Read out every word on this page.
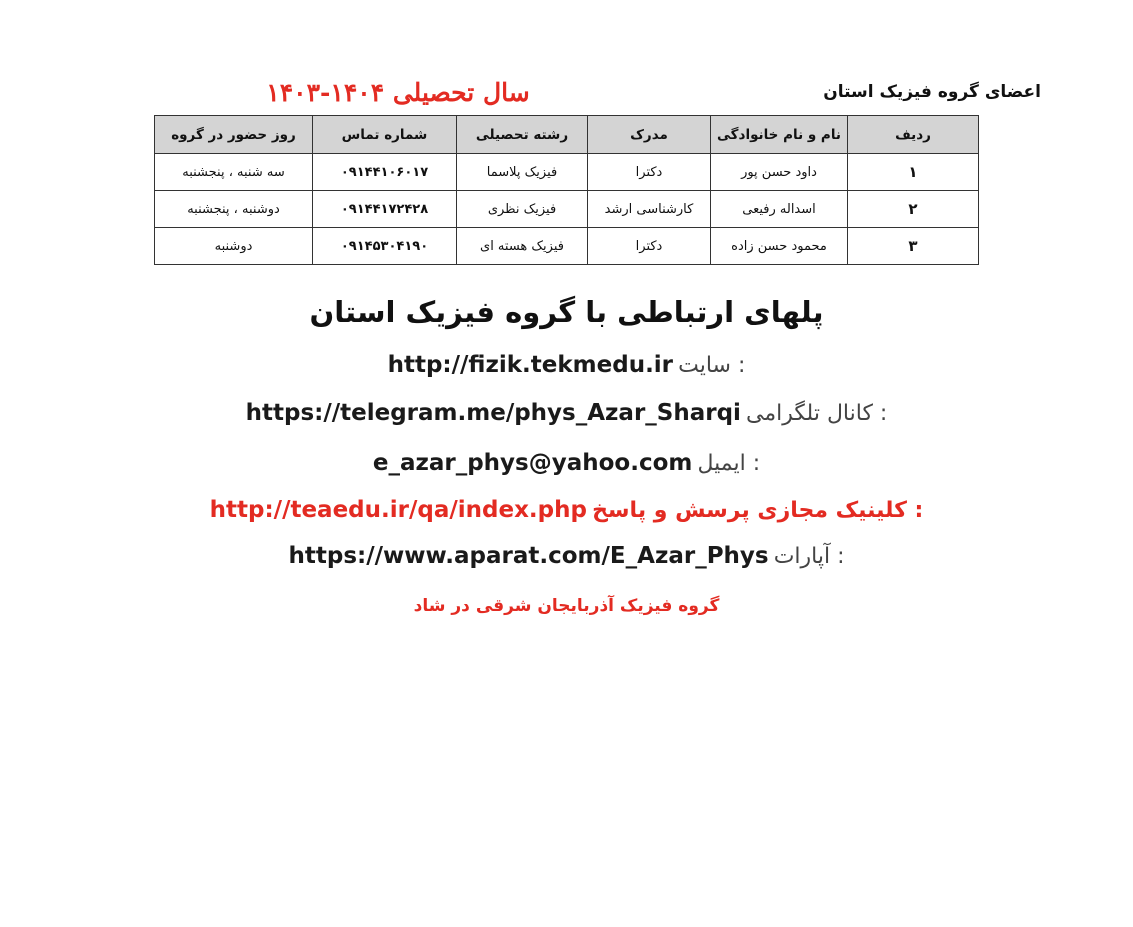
سال تحصیلی ۱۴۰۴-۱۴۰۳	اعضای گروه فیزیک استان
ردیف	نام و نام خانوادگی	مدرک	رشته تحصیلی	شماره تماس	روز حضور در گروه
۱	داود حسن پور	دکترا	فیزیک پلاسما	۰۹۱۴۴۱۰۶۰۱۷	سه شنبه ، پنجشنبه
۲	اسداله رفیعی	کارشناسی ارشد	فیزیک نظری	۰۹۱۴۴۱۷۲۴۲۸	دوشنبه ، پنجشنبه
۳	محمود حسن زاده	دکترا	فیزیک هسته ای	۰۹۱۴۵۳۰۴۱۹۰	دوشنبه
پلهای ارتباطی با گروه فیزیک استان
http://fizik.tekmedu.ir : سایت
https://telegram.me/phys_Azar_Sharqi : کانال تلگرامی
e_azar_phys@yahoo.com : ایمیل
http://teaedu.ir/qa/index.php : کلینیک مجازی پرسش و پاسخ
https://www.aparat.com/E_Azar_Phys : آپارات
گروه فیزیک آذربایجان شرقی در شاد
